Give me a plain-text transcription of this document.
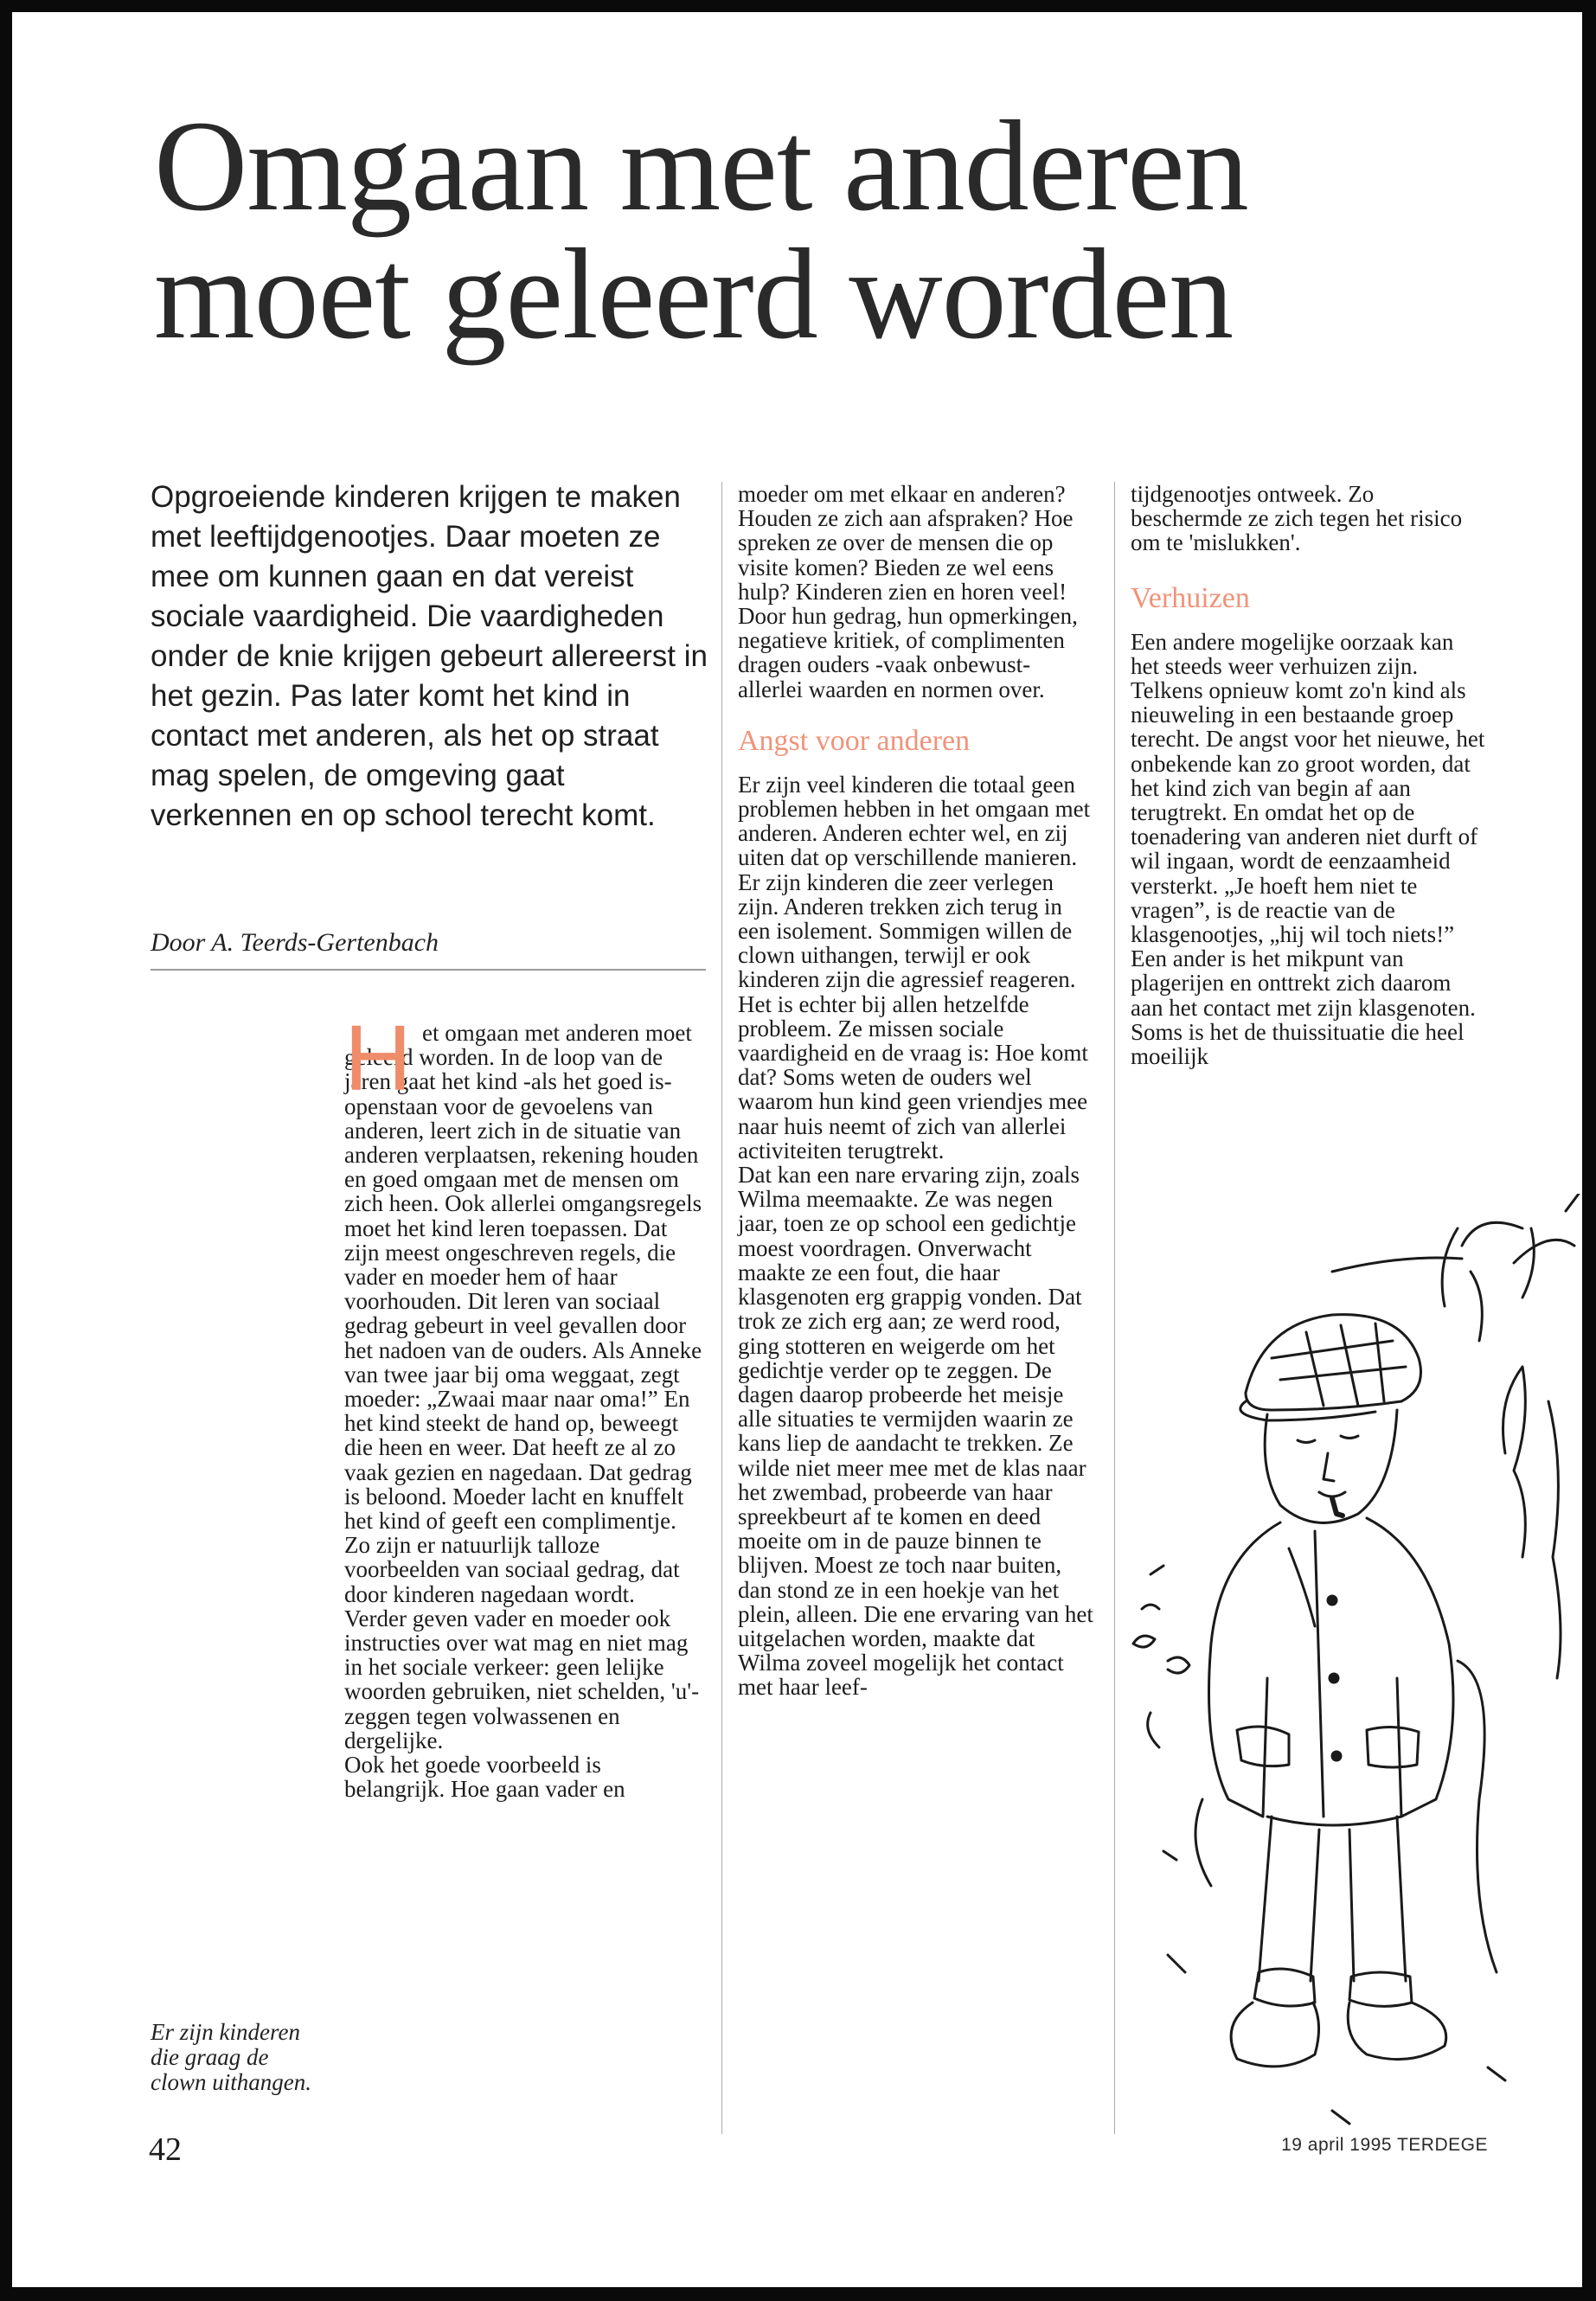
Omgaan met anderen
moet geleerd worden

Opgroeiende kinderen krijgen te maken met leeftijdgenootjes. Daar moeten ze mee om kunnen gaan en dat vereist sociale vaardigheid. Die vaardigheden onder de knie krijgen gebeurt allereerst in het gezin. Pas later komt het kind in contact met anderen, als het op straat mag spelen, de omgeving gaat verkennen en op school terecht komt.

Door A. Teerds-Gertenbach

H et omgaan met anderen moet geleerd worden. In de loop van de jaren gaat het kind -als het goed is- openstaan voor de gevoelens van anderen, leert zich in de situatie van anderen verplaatsen, rekening houden en goed omgaan met de mensen om zich heen. Ook allerlei omgangsregels moet het kind leren toepassen. Dat zijn meest ongeschreven regels, die vader en moeder hem of haar voorhouden. Dit leren van sociaal gedrag gebeurt in veel gevallen door het nadoen van de ouders. Als Anneke van twee jaar bij oma weggaat, zegt moeder: „Zwaai maar naar oma!” En het kind steekt de hand op, beweegt die heen en weer. Dat heeft ze al zo vaak gezien en nagedaan. Dat gedrag is beloond. Moeder lacht en knuffelt het kind of geeft een complimentje. Zo zijn er natuurlijk talloze voorbeelden van sociaal gedrag, dat door kinderen nagedaan wordt.

Verder geven vader en moeder ook instructies over wat mag en niet mag in het sociale verkeer: geen lelijke woorden gebruiken, niet schelden, 'u'-zeggen tegen volwassenen en dergelijke.

Ook het goede voorbeeld is belangrijk. Hoe gaan vader en

moeder om met elkaar en anderen? Houden ze zich aan afspraken? Hoe spreken ze over de mensen die op visite komen? Bieden ze wel eens hulp? Kinderen zien en horen veel! Door hun gedrag, hun opmerkingen, negatieve kritiek, of complimenten dragen ouders -vaak onbewust- allerlei waarden en normen over.

Angst voor anderen

Er zijn veel kinderen die totaal geen problemen hebben in het omgaan met anderen. Anderen echter wel, en zij uiten dat op verschillende manieren. Er zijn kinderen die zeer verlegen zijn. Anderen trekken zich terug in een isolement. Sommigen willen de clown uithangen, terwijl er ook kinderen zijn die agressief reageren. Het is echter bij allen hetzelfde probleem. Ze missen sociale vaardigheid en de vraag is: Hoe komt dat? Soms weten de ouders wel waarom hun kind geen vriendjes mee naar huis neemt of zich van allerlei activiteiten terugtrekt.

Dat kan een nare ervaring zijn, zoals Wilma meemaakte. Ze was negen jaar, toen ze op school een gedichtje moest voordragen. Onverwacht maakte ze een fout, die haar klasgenoten erg grappig vonden. Dat trok ze zich erg aan; ze werd rood, ging stotteren en weigerde om het gedichtje verder op te zeggen. De dagen daarop probeerde het meisje alle situaties te vermijden waarin ze kans liep de aandacht te trekken. Ze wilde niet meer mee met de klas naar het zwembad, probeerde van haar spreekbeurt af te komen en deed moeite om in de pauze binnen te blijven. Moest ze toch naar buiten, dan stond ze in een hoekje van het plein, alleen. Die ene ervaring van het uitgelachen worden, maakte dat Wilma zoveel mogelijk het contact met haar leef-

tijdgenootjes ontweek. Zo beschermde ze zich tegen het risico om te 'mislukken'.

Verhuizen

Een andere mogelijke oorzaak kan het steeds weer verhuizen zijn. Telkens opnieuw komt zo'n kind als nieuweling in een bestaande groep terecht. De angst voor het nieuwe, het onbekende kan zo groot worden, dat het kind zich van begin af aan terugtrekt. En omdat het op de toenadering van anderen niet durft of wil ingaan, wordt de eenzaamheid versterkt. „Je hoeft hem niet te vragen”, is de reactie van de klasgenootjes, „hij wil toch niets!”

Een ander is het mikpunt van plagerijen en onttrekt zich daarom aan het contact met zijn klasgenoten. Soms is het de thuissituatie die heel moeilijk

Er zijn kinderen die graag de clown uithangen.

42	19 april 1995 TERDEGE
